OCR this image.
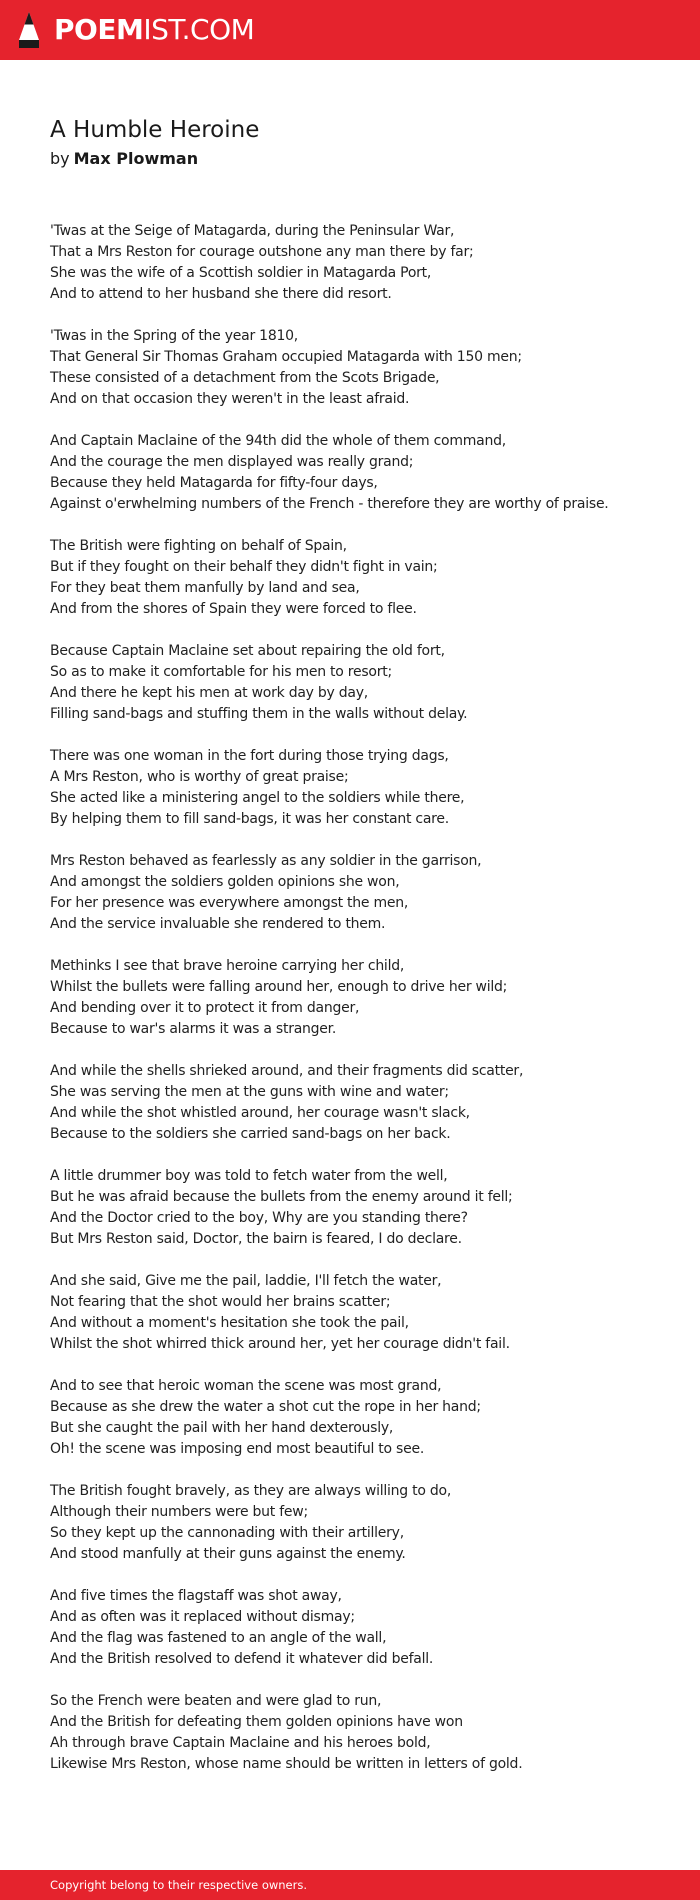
POEMIST.COM
A Humble Heroine
by Max Plowman
'Twas at the Seige of Matagarda, during the Peninsular War,
That a Mrs Reston for courage outshone any man there by far;
She was the wife of a Scottish soldier in Matagarda Port,
And to attend to her husband she there did resort.
'Twas in the Spring of the year 1810,
That General Sir Thomas Graham occupied Matagarda with 150 men;
These consisted of a detachment from the Scots Brigade,
And on that occasion they weren't in the least afraid.
And Captain Maclaine of the 94th did the whole of them command,
And the courage the men displayed was really grand;
Because they held Matagarda for fifty-four days,
Against o'erwhelming numbers of the French - therefore they are worthy of praise.
The British were fighting on behalf of Spain,
But if they fought on their behalf they didn't fight in vain;
For they beat them manfully by land and sea,
And from the shores of Spain they were forced to flee.
Because Captain Maclaine set about repairing the old fort,
So as to make it comfortable for his men to resort;
And there he kept his men at work day by day,
Filling sand-bags and stuffing them in the walls without delay.
There was one woman in the fort during those trying dags,
A Mrs Reston, who is worthy of great praise;
She acted like a ministering angel to the soldiers while there,
By helping them to fill sand-bags, it was her constant care.
Mrs Reston behaved as fearlessly as any soldier in the garrison,
And amongst the soldiers golden opinions she won,
For her presence was everywhere amongst the men,
And the service invaluable she rendered to them.
Methinks I see that brave heroine carrying her child,
Whilst the bullets were falling around her, enough to drive her wild;
And bending over it to protect it from danger,
Because to war's alarms it was a stranger.
And while the shells shrieked around, and their fragments did scatter,
She was serving the men at the guns with wine and water;
And while the shot whistled around, her courage wasn't slack,
Because to the soldiers she carried sand-bags on her back.
A little drummer boy was told to fetch water from the well,
But he was afraid because the bullets from the enemy around it fell;
And the Doctor cried to the boy, Why are you standing there?
But Mrs Reston said, Doctor, the bairn is feared, I do declare.
And she said, Give me the pail, laddie, I'll fetch the water,
Not fearing that the shot would her brains scatter;
And without a moment's hesitation she took the pail,
Whilst the shot whirred thick around her, yet her courage didn't fail.
And to see that heroic woman the scene was most grand,
Because as she drew the water a shot cut the rope in her hand;
But she caught the pail with her hand dexterously,
Oh! the scene was imposing end most beautiful to see.
The British fought bravely, as they are always willing to do,
Although their numbers were but few;
So they kept up the cannonading with their artillery,
And stood manfully at their guns against the enemy.
And five times the flagstaff was shot away,
And as often was it replaced without dismay;
And the flag was fastened to an angle of the wall,
And the British resolved to defend it whatever did befall.
So the French were beaten and were glad to run,
And the British for defeating them golden opinions have won
Ah through brave Captain Maclaine and his heroes bold,
Likewise Mrs Reston, whose name should be written in letters of gold.
Copyright belong to their respective owners.
